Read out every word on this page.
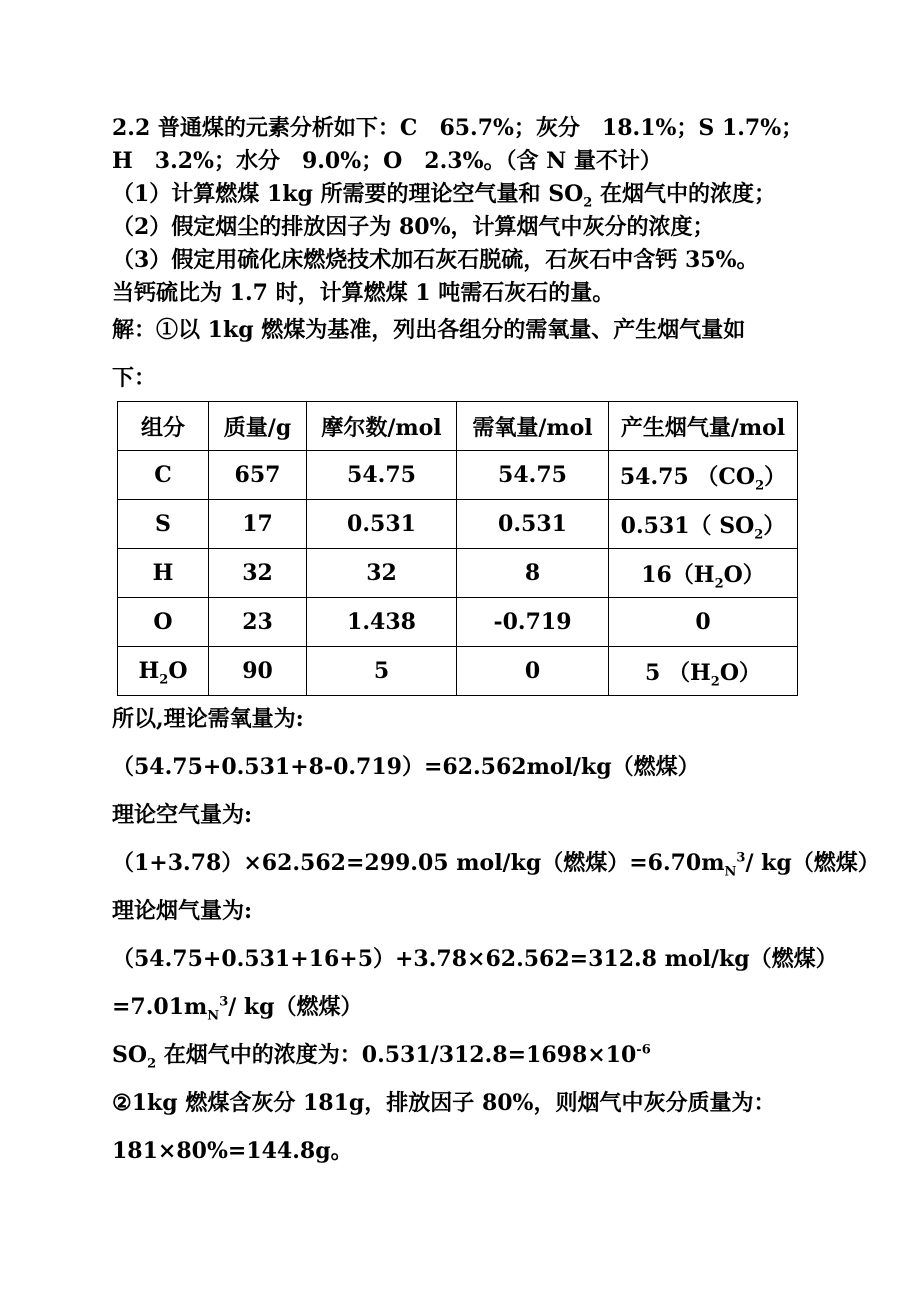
2.2 普通煤的元素分析如下：C　65.7%；灰分　18.1%；S 1.7%；
H　3.2%；水分　9.0%；O　2.3%。（含 N 量不计）
（1）计算燃煤 1kg 所需要的理论空气量和 $SO_2$ 在烟气中的浓度；
（2）假定烟尘的排放因子为 80%，计算烟气中灰分的浓度；
（3）假定用硫化床燃烧技术加石灰石脱硫，石灰石中含钙 35%。
当钙硫比为 1.7 时，计算燃煤 1 吨需石灰石的量。
解：①以 1kg 燃煤为基准，列出各组分的需氧量、产生烟气量如
下：
组分	质量/g	摩尔数/mol	需氧量/mol	产生烟气量/mol
C	657	54.75	54.75	54.75 $(CO_2)$
S	17	0.531	0.531	0.531（ $SO_2$）
H	32	32	8	$16(H_2O)$
O	23	1.438	-0.719	0
$H_2O$	90	5	0	5 $(H_2O)$
所以,理论需氧量为:
（54.75+0.531+8-0.719）=62.562mol/kg（燃煤）
理论空气量为:
（1+3.78）×62.562=299.05 mol/kg（燃煤）$=6.70m_N^3/$ kg（燃煤）
理论烟气量为:
（54.75+0.531+16+5）+3.78×62.562=312.8 mol/kg（燃煤）
$=7.01m_N^3/$ kg（燃煤）
$SO_2$ 在烟气中的浓度为：$0.531/312.8=1698\times 10^{-6}$
②1kg 燃煤含灰分 181g，排放因子 80%，则烟气中灰分质量为：
181×80%=144.8g。
